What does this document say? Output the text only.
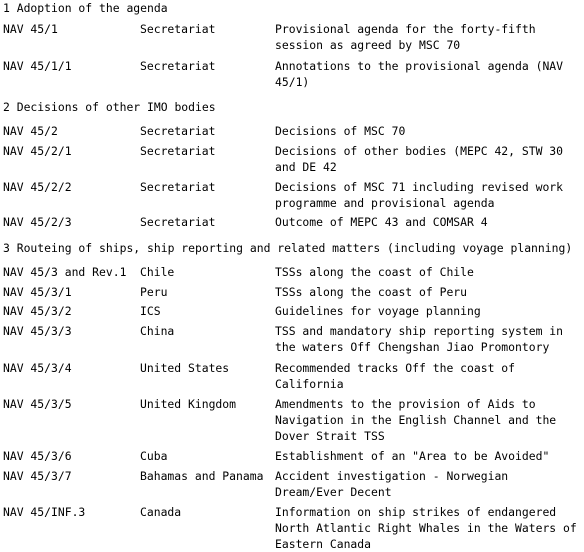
1 Adoption of the agenda
NAV 45/1	Secretariat	Provisional agenda for the forty-fifth
session as agreed by MSC 70
NAV 45/1/1	Secretariat	Annotations to the provisional agenda (NAV
45/1)
2 Decisions of other IMO bodies
NAV 45/2	Secretariat	Decisions of MSC 70
NAV 45/2/1	Secretariat	Decisions of other bodies (MEPC 42, STW 30
and DE 42
NAV 45/2/2	Secretariat	Decisions of MSC 71 including revised work
programme and provisional agenda
NAV 45/2/3	Secretariat	Outcome of MEPC 43 and COMSAR 4
3 Routeing of ships, ship reporting and related matters (including voyage planning)
NAV 45/3 and Rev.1	Chile	TSSs along the coast of Chile
NAV 45/3/1	Peru	TSSs along the coast of Peru
NAV 45/3/2	ICS	Guidelines for voyage planning
NAV 45/3/3	China	TSS and mandatory ship reporting system in
the waters Off Chengshan Jiao Promontory
NAV 45/3/4	United States	Recommended tracks Off the coast of
California
NAV 45/3/5	United Kingdom	Amendments to the provision of Aids to
Navigation in the English Channel and the
Dover Strait TSS
NAV 45/3/6	Cuba	Establishment of an "Area to be Avoided"
NAV 45/3/7	Bahamas and Panama	Accident investigation - Norwegian
Dream/Ever Decent
NAV 45/INF.3	Canada	Information on ship strikes of endangered
North Atlantic Right Whales in the Waters of
Eastern Canada
